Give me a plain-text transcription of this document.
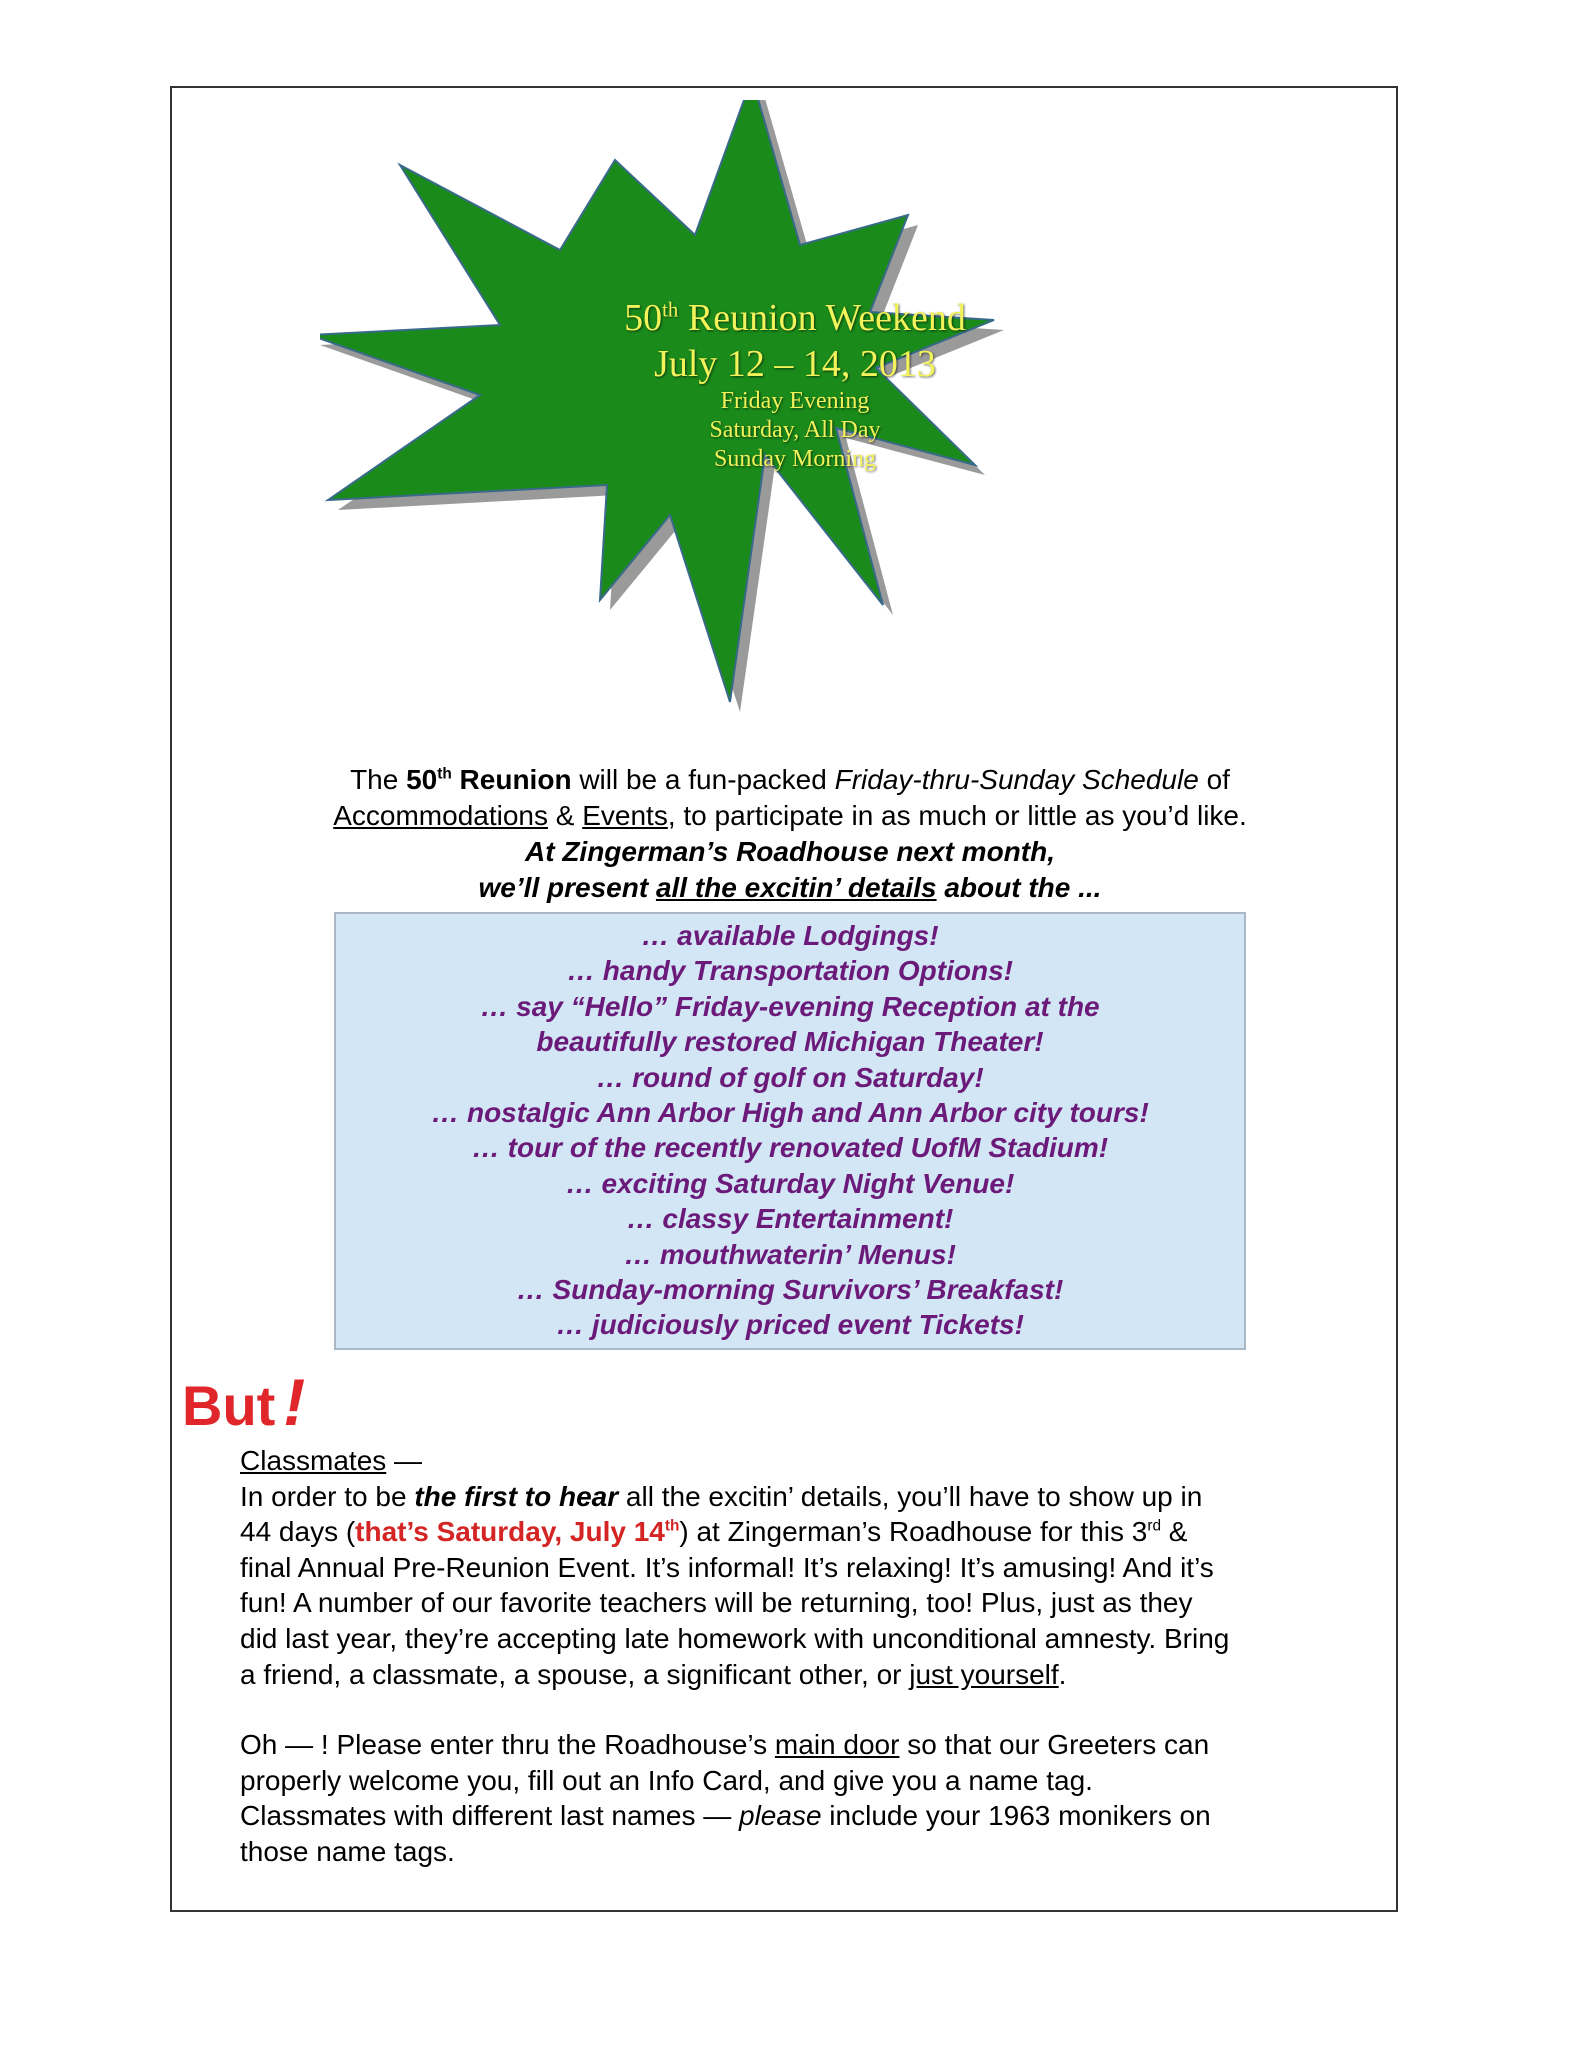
50th Reunion Weekend
July 12 – 14, 2013
Friday Evening
Saturday, All Day
Sunday Morning
The 50th Reunion will be a fun-packed Friday-thru-Sunday Schedule of
Accommodations & Events, to participate in as much or little as you’d like.
At Zingerman’s Roadhouse next month,
we’ll present all the excitin’ details about the ...
… available Lodgings!
… handy Transportation Options!
… say “Hello” Friday-evening Reception at the
beautifully restored Michigan Theater!
… round of golf on Saturday!
… nostalgic Ann Arbor High and Ann Arbor city tours!
… tour of the recently renovated UofM Stadium!
… exciting Saturday Night Venue!
… classy Entertainment!
… mouthwaterin’ Menus!
… Sunday-morning Survivors’ Breakfast!
… judiciously priced event Tickets!
But !
Classmates —
In order to be the first to hear all the excitin’ details, you’ll have to show up in
44 days (that’s Saturday, July 14th) at Zingerman’s Roadhouse for this 3rd &
final Annual Pre-Reunion Event. It’s informal! It’s relaxing! It’s amusing! And it’s
fun! A number of our favorite teachers will be returning, too! Plus, just as they
did last year, they’re accepting late homework with unconditional amnesty. Bring
a friend, a classmate, a spouse, a significant other, or just yourself.
Oh — ! Please enter thru the Roadhouse’s main door so that our Greeters can
properly welcome you, fill out an Info Card, and give you a name tag.
Classmates with different last names — please include your 1963 monikers on
those name tags.
